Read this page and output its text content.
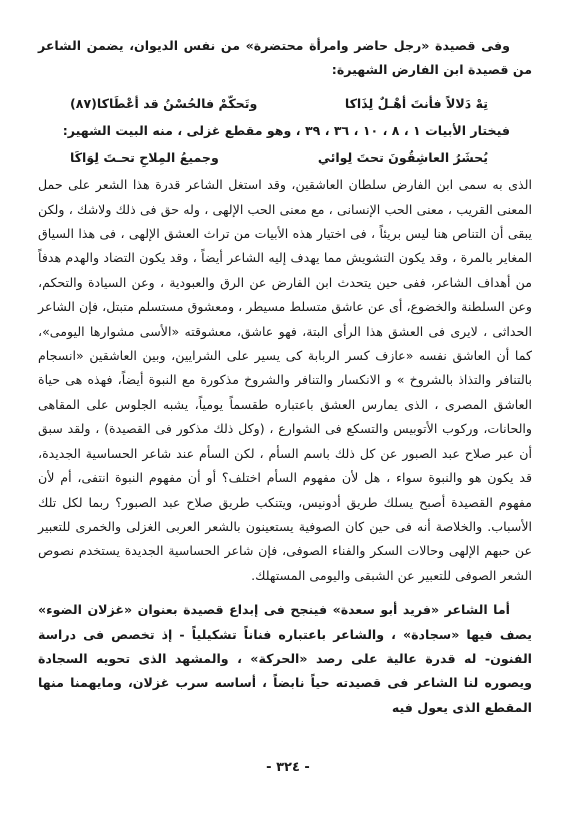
وفى قصيدة «رجل حاضر وامرأة محتضرة» من نفس الديوان، يضمن الشاعر من قصيدة ابن الفارض الشهيرة:

تِهْ دَلالاً فأنتَ أهْـلٌ لِذَاكا
وتَحكّمْ فالحُسْنُ قد أعْطَاكا(٨٧)

فيختار الأبيات ١ ، ٨ ، ١٠ ، ٣٦ ، ٣٩ ، وهو مقطع غزلى ، منه البيت الشهير:

يُحشَرُ العاشِقُونَ تحتَ لِوائي
وجميعُ المِلاحِ تحـتَ لِوَاكَا

الذى به سمى ابن الفارض سلطان العاشقين، وقد استغل الشاعر قدرة هذا الشعر على حمل المعنى القريب ، معنى الحب الإنسانى ، مع معنى الحب الإلهى ، وله حق فى ذلك ولاشك ، ولكن يبقى أن التناص هنا ليس بريئاً ، فى اختيار هذه الأبيات من تراث العشق الإلهى ، فى هذا السياق المغاير بالمرة ، وقد يكون التشويش مما يهدف إليه الشاعر أيضاً ، وقد يكون التضاد والهدم هدفاً من أهداف الشاعر، ففى حين يتحدث ابن الفارض عن الرق والعبودية ، وعن السيادة والتحكم، وعن السلطنة والخضوع، أى عن عاشق متسلط مسيطر ، ومعشوق مستسلم متبتل، فإن الشاعر الحداثى ، لايرى فى العشق هذا الرأى البتة، فهو عاشق، معشوقته «الأسى مشوارها اليومى»، كما أن العاشق نفسه «عازف كسر الربابة كى يسير على الشرايين، وبين العاشقين «انسجام بالتنافر والتذاذ بالشروخ » و الانكسار والتنافر والشروخ مذكورة مع النبوة أيضاً، فهذه هى حياة العاشق المصرى ، الذى يمارس العشق باعتباره طقسماً يومياً، يشبه الجلوس على المقاهى والحانات، وركوب الأتوبيس والتسكع فى الشوارع ، (وكل ذلك مذكور فى القصيدة) ، ولقد سبق أن عبر صلاح عبد الصبور عن كل ذلك باسم السأم ، لكن السأم عند شاعر الحساسية الجديدة، قد يكون هو والنبوة سواء ، هل لأن مفهوم السأم اختلف؟ أو أن مفهوم النبوة انتفى، أم لأن مفهوم القصيدة أصبح يسلك طريق أدونيس، ويتنكب طريق صلاح عبد الصبور؟ ربما لكل تلك الأسباب. والخلاصة أنه فى حين كان الصوفية يستعينون بالشعر العربى الغزلى والخمرى للتعبير عن حبهم الإلهى وحالات السكر والفناء الصوفى، فإن شاعر الحساسية الجديدة يستخدم نصوص الشعر الصوفى للتعبير عن الشبقى واليومى المستهلك.

أما الشاعر «فريد أبو سعدة» فينجح فى إبداع قصيدة بعنوان «غزلان الضوء» يصف فيها «سجادة» ، والشاعر باعتباره فناناً تشكيلياً - إذ تخصص فى دراسة الفنون- له قدرة عالية على رصد «الحركة» ، والمشهد الذى تحويه السجادة ويصوره لنا الشاعر فى قصيدته حياً نابضاً ، أساسه سرب غزلان، ومايهمنا منها المقطع الذى يعول فيه

- ٣٢٤ -
